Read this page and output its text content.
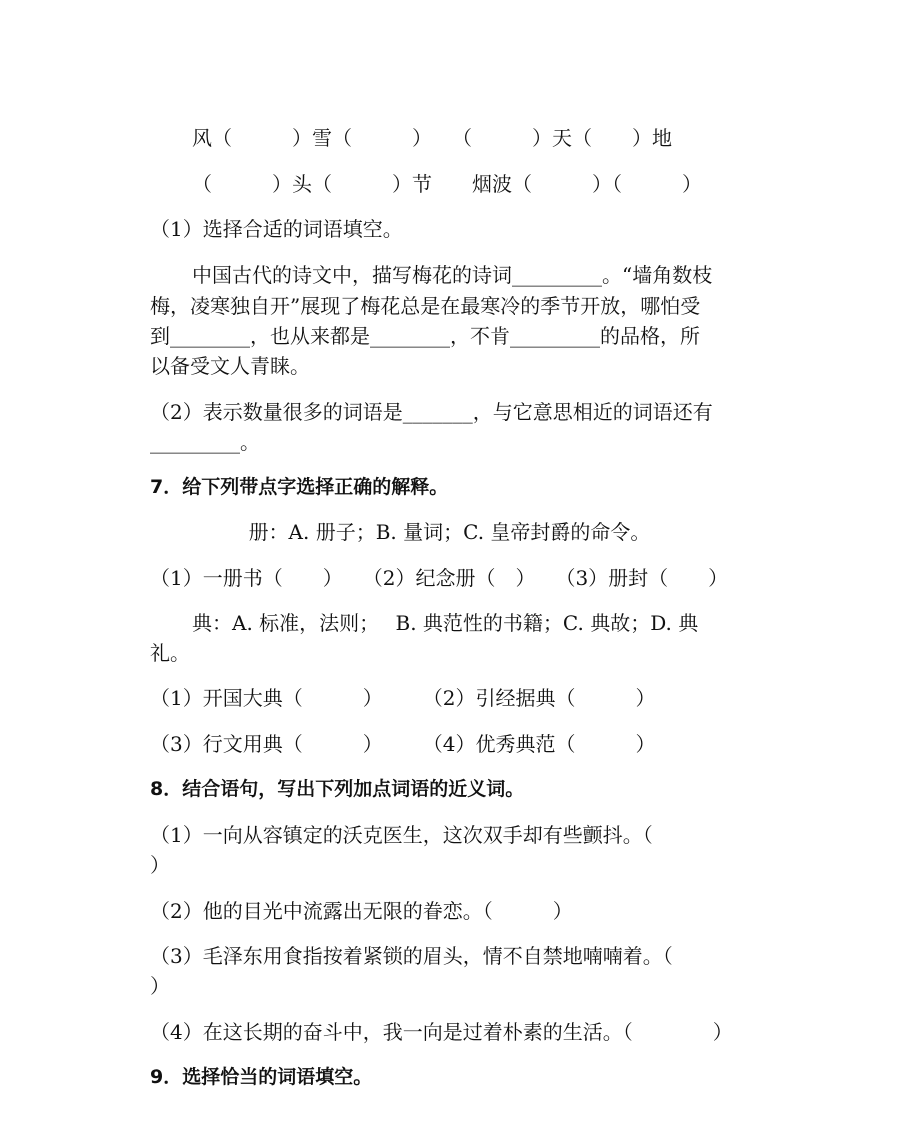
风（　　　）雪（　　　）　　（　　　）天（　　）地
（　　　）头（　　　）节　　烟波（　　　）（　　　）
（1）选择合适的词语填空。
中国古代的诗文中，描写梅花的诗词_________。“墙角数枝
梅，凌寒独自开”展现了梅花总是在最寒冷的季节开放，哪怕受
到________，也从来都是________，不肯_________的品格，所
以备受文人青睐。
（2）表示数量很多的词语是_______，与它意思相近的词语还有
_________。
7．给下列带点字选择正确的解释。
册：A. 册子；B. 量词；C. 皇帝封爵的命令。
（1）一册书（　　）　　（2）纪念册（　）　　（3）册封（　　）
典：A. 标准，法则；　 B. 典范性的书籍；C. 典故；D. 典
礼。
（1）开国大典（　　　）　　　（2）引经据典（　　　）
（3）行文用典（　　　）　　　（4）优秀典范（　　　）
8．结合语句，写出下列加点词语的近义词。
（1）一向从容镇定的沃克医生，这次双手却有些颤抖。（
）
（2）他的目光中流露出无限的眷恋。（　　　）
（3）毛泽东用食指按着紧锁的眉头，情不自禁地喃喃着。（
）
（4）在这长期的奋斗中，我一向是过着朴素的生活。（　　　　）
9．选择恰当的词语填空。
